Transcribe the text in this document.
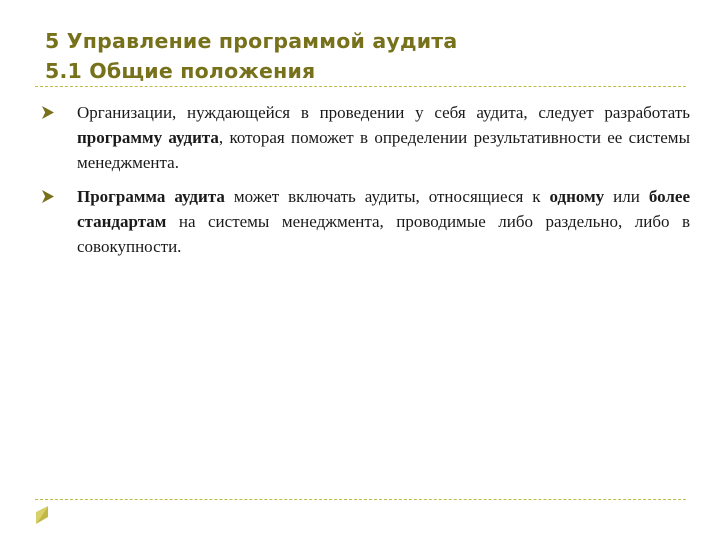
5 Управление программой аудита
5.1 Общие положения
Организации, нуждающейся в проведении у себя аудита, следует разработать программу аудита, которая поможет в определении результативности ее системы менеджмента.
Программа аудита может включать аудиты, относящиеся к одному или более стандартам на системы менеджмента, проводимые либо раздельно, либо в совокупности.
